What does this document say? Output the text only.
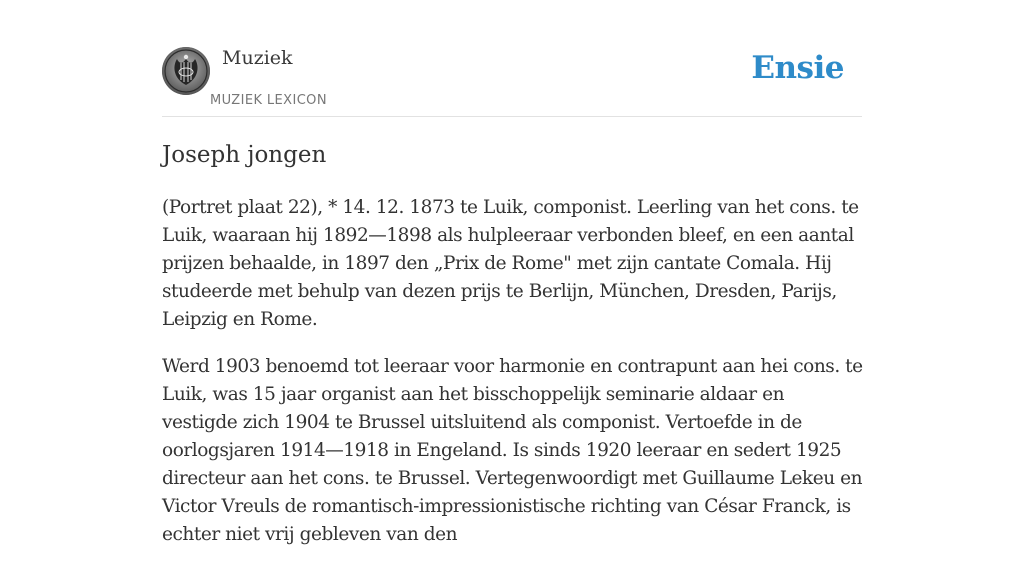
Muziek
MUZIEK LEXICON
Ensie
Joseph jongen

(Portret plaat 22), * 14. 12. 1873 te Luik, componist. Leerling van het cons. te Luik, waaraan hij 1892—1898 als hulpleeraar verbonden bleef, en een aantal prijzen behaalde, in 1897 den „Prix de Rome" met zijn cantate Comala. Hij studeerde met behulp van dezen prijs te Berlijn, München, Dresden, Parijs, Leipzig en Rome.

Werd 1903 benoemd tot leeraar voor harmonie en contrapunt aan hei cons. te Luik, was 15 jaar organist aan het bisschoppelijk seminarie aldaar en vestigde zich 1904 te Brussel uitsluitend als componist. Vertoefde in de oorlogsjaren 1914—1918 in Engeland. Is sinds 1920 leeraar en sedert 1925 directeur aan het cons. te Brussel. Vertegenwoordigt met Guillaume Lekeu en Victor Vreuls de romantisch-impressionistische richting van César Franck, is echter niet vrij gebleven van den
